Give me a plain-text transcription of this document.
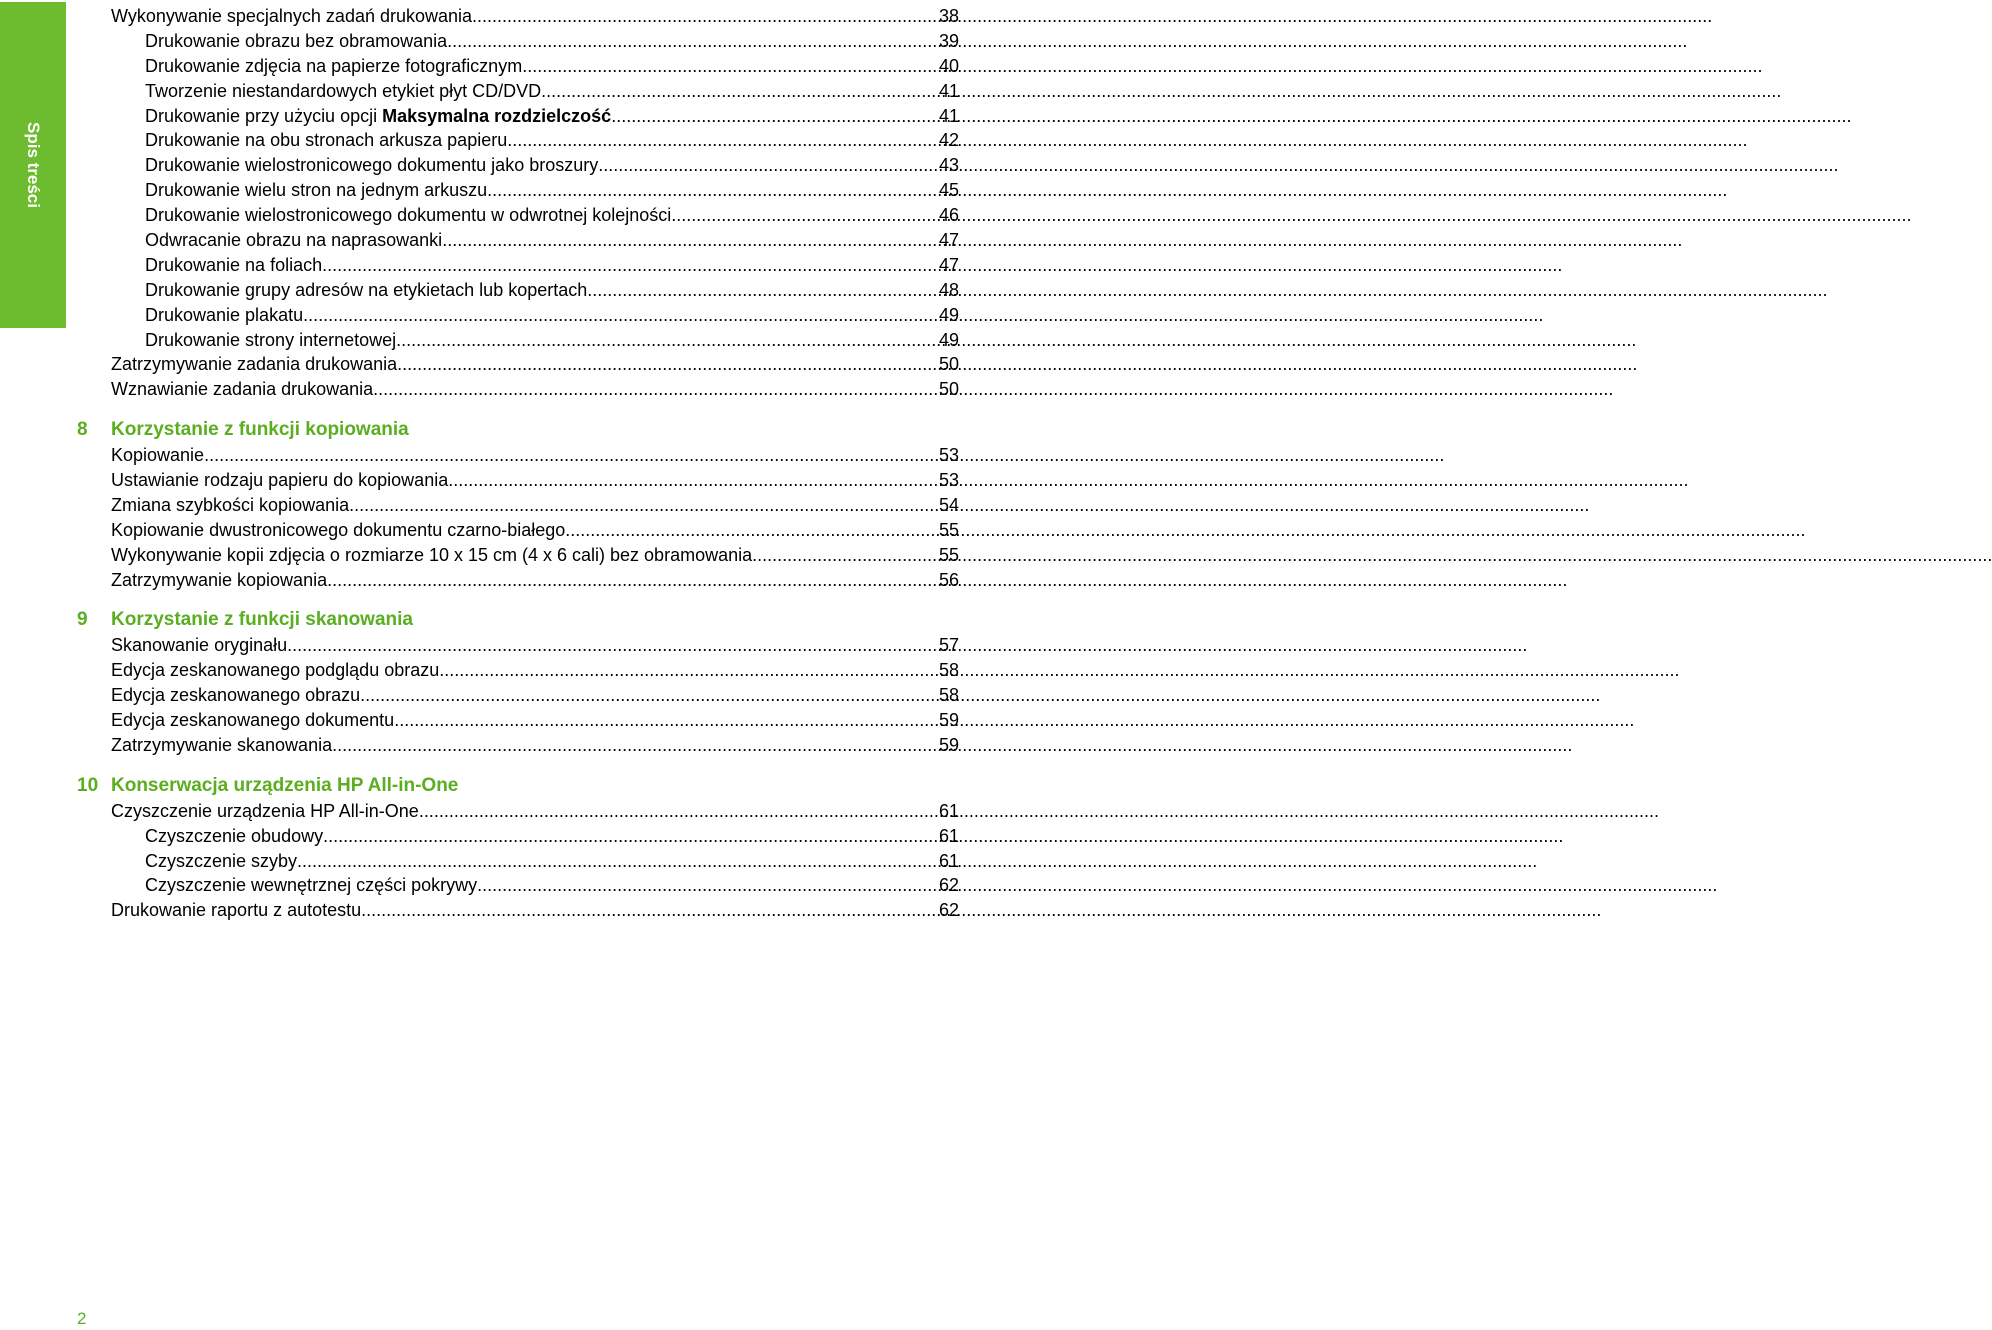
Spis treści
Wykonywanie specjalnych zadań drukowania .....	38
Drukowanie obrazu bez obramowania .....	39
Drukowanie zdjęcia na papierze fotograficznym .....	40
Tworzenie niestandardowych etykiet płyt CD/DVD .....	41
Drukowanie przy użyciu opcji Maksymalna rozdzielczość .....	41
Drukowanie na obu stronach arkusza papieru .....	42
Drukowanie wielostronicowego dokumentu jako broszury .....	43
Drukowanie wielu stron na jednym arkuszu .....	45
Drukowanie wielostronicowego dokumentu w odwrotnej kolejności .....	46
Odwracanie obrazu na naprasowanki .....	47
Drukowanie na foliach .....	47
Drukowanie grupy adresów na etykietach lub kopertach .....	48
Drukowanie plakatu .....	49
Drukowanie strony internetowej .....	49
Zatrzymywanie zadania drukowania .....	50
Wznawianie zadania drukowania .....	50
8	Korzystanie z funkcji kopiowania
Kopiowanie .....	53
Ustawianie rodzaju papieru do kopiowania .....	53
Zmiana szybkości kopiowania .....	54
Kopiowanie dwustronicowego dokumentu czarno-białego .....	55
Wykonywanie kopii zdjęcia o rozmiarze 10 x 15 cm (4 x 6 cali) bez obramowania .....	55
Zatrzymywanie kopiowania .....	56
9	Korzystanie z funkcji skanowania
Skanowanie oryginału .....	57
Edycja zeskanowanego podglądu obrazu .....	58
Edycja zeskanowanego obrazu .....	58
Edycja zeskanowanego dokumentu .....	59
Zatrzymywanie skanowania .....	59
10 Konserwacja urządzenia HP All-in-One
Czyszczenie urządzenia HP All-in-One .....	61
Czyszczenie obudowy .....	61
Czyszczenie szyby .....	61
Czyszczenie wewnętrznej części pokrywy .....	62
Drukowanie raportu z autotestu .....	62
2
